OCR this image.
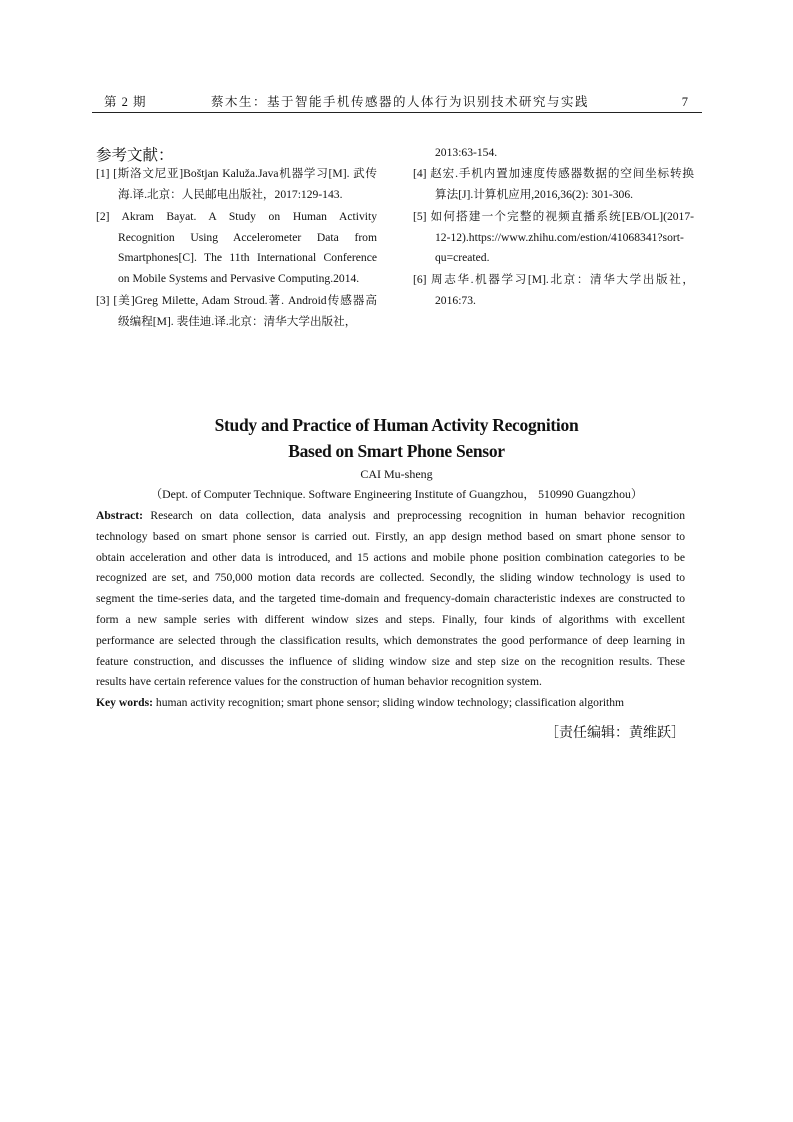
第 2 期	蔡木生：基于智能手机传感器的人体行为识别技术研究与实践	7
参考文献：
[1] [斯洛文尼亚]Boštjan Kaluža.Java机器学习[M]. 武传
海.译.北京：人民邮电出版社，2017:129-143.
[2] Akram Bayat. A Study on Human Activity
Recognition Using Accelerometer Data from
Smartphones[C]. The 11th International Conference
on Mobile Systems and Pervasive Computing.2014.
[3] [美]Greg Milette, Adam Stroud.著. Android传感器高
级编程[M]. 裴佳迪.译.北京：清华大学出版社，
2013:63-154.
[4] 赵宏.手机内置加速度传感器数据的空间坐标转换
算法[J].计算机应用,2016,36(2): 301-306.
[5] 如何搭建一个完整的视频直播系统[EB/OL](2017-
12-12).https://www.zhihu.com/estion/41068341?sort-
qu=created.
[6] 周志华.机器学习[M].北京：清华大学出版社，
2016:73.
Study and Practice of Human Activity Recognition
Based on Smart Phone Sensor
CAI Mu-sheng
（Dept. of Computer Technique. Software Engineering Institute of Guangzhou， 510990 Guangzhou）
Abstract: Research on data collection, data analysis and preprocessing recognition in human behavior recognition
technology based on smart phone sensor is carried out. Firstly, an app design method based on smart phone sensor to
obtain acceleration and other data is introduced, and 15 actions and mobile phone position combination categories to be
recognized are set, and 750,000 motion data records are collected. Secondly, the sliding window technology is used to
segment the time-series data, and the targeted time-domain and frequency-domain characteristic indexes are constructed to
form a new sample series with different window sizes and steps. Finally, four kinds of algorithms with excellent
performance are selected through the classification results, which demonstrates the good performance of deep learning in
feature construction, and discusses the influence of sliding window size and step size on the recognition results. These
results have certain reference values for the construction of human behavior recognition system.
Key words: human activity recognition; smart phone sensor; sliding window technology; classification algorithm
［责任编辑：黄维跃］
